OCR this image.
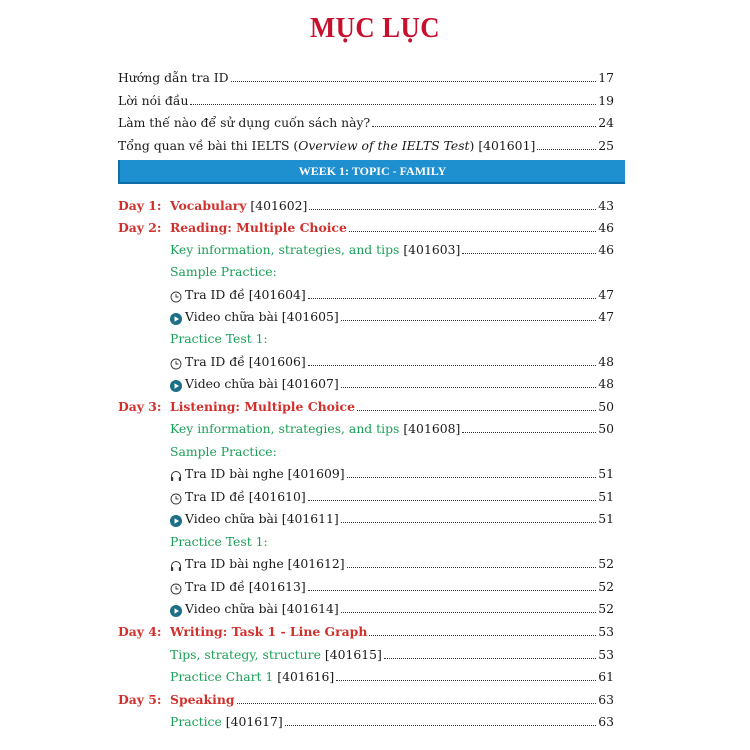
MỤC LỤC
Hướng dẫn tra ID	17
Lời nói đầu	19
Làm thế nào để sử dụng cuốn sách này?	24
Tổng quan về bài thi IELTS (Overview of the IELTS Test) [401601]	25
WEEK 1: TOPIC - FAMILY
Day 1: Vocabulary [401602]	43
Day 2: Reading: Multiple Choice	46
Key information, strategies, and tips [401603]	46
Sample Practice:
Tra ID đề [401604]	47
Video chữa bài [401605]	47
Practice Test 1:
Tra ID đề [401606]	48
Video chữa bài [401607]	48
Day 3: Listening: Multiple Choice	50
Key information, strategies, and tips [401608]	50
Sample Practice:
Tra ID bài nghe [401609]	51
Tra ID đề [401610]	51
Video chữa bài [401611]	51
Practice Test 1:
Tra ID bài nghe [401612]	52
Tra ID đề [401613]	52
Video chữa bài [401614]	52
Day 4: Writing: Task 1 - Line Graph	53
Tips, strategy, structure [401615]	53
Practice Chart 1 [401616]	61
Day 5: Speaking	63
Practice [401617]	63
